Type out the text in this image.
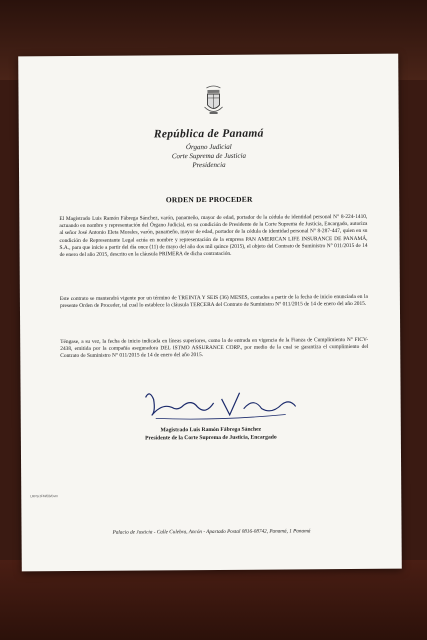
República de Panamá
Órgano Judicial
Corte Suprema de Justicia
Presidencia
ORDEN DE PROCEDER
El Magistrado Luis Ramón Fábrega Sánchez, varón, panameño, mayor de edad, portador de la cédula de identidad personal N° 8-224-1410, actuando en nombre y representación del Órgano Judicial, en su condición de Presidente de la Corte Suprema de Justicia, Encargado, autoriza al señor José Antonio Eleta Morales, varón, panameño, mayor de edad, portador de la cédula de identidad personal N° 8-287-447, quien en su condición de Representante Legal actúa en nombre y representación de la empresa PAN AMERICAN LIFE INSURANCE DE PANAMÁ, S.A., para que inicie a partir del día once (11) de mayo del año dos mil quince (2015), el objeto del Contrato de Suministro N° 011/2015 de 14 de enero del año 2015, descrito en la cláusula PRIMERA de dicha contratación.
Este contrato se mantendrá vigente por un término de TREINTA Y SEIS (36) MESES, contados a partir de la fecha de inicio enunciada en la presente Orden de Proceder, tal cual lo establece la cláusula TERCERA del Contrato de Suministro N° 011/2015 de 14 de enero del año 2015.
Téngase, a su vez, la fecha de inicio indicada en líneas superiores, como la de entrada en vigencia de la Fianza de Cumplimiento N° FICV-2438, emitida por la compañía aseguradora DEL ISTMO ASSURANCE CORP., por medio de la cual se garantiza el cumplimiento del Contrato de Suministro N° 011/2015 de 14 de enero del año 2015.
Magistrado Luis Ramón Fábrega Sánchez
Presidente de la Corte Suprema de Justicia, Encargado
LRFS/JFM/EB/Dvm
Palacio de Justicia - Calle Culebra, Ancón - Apartado Postal 0816-08742, Panamá, 1 Panamá
